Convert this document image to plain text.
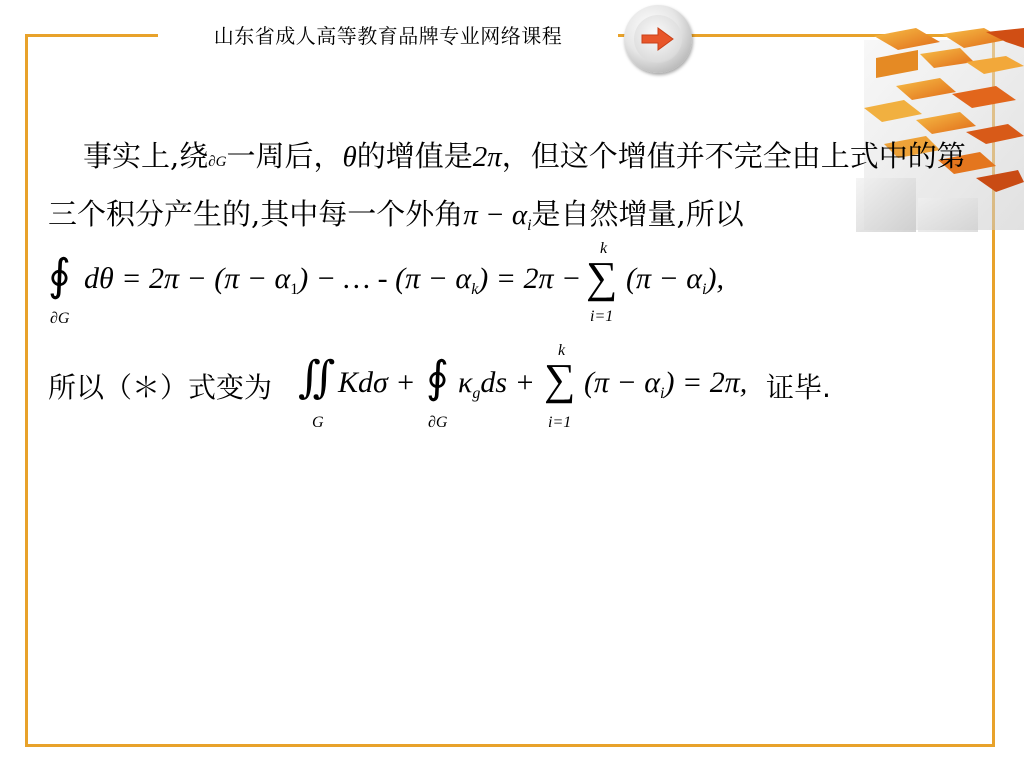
山东省成人高等教育品牌专业网络课程
事实上,绕∂G一周后，θ的增值是2π，但这个增值并不完全由上式中的第三个积分产生的,其中每一个外角$\pi - \alpha_i$是自然增量,所以
∮
∂G
$d\theta = 2\pi - (\pi - \alpha_1)$ − … - $(\pi - \alpha_k) = 2\pi$ −
k
∑
i=1
$(\pi - \alpha_i)$,
所以（＊）式变为 ∬
G
Kdσ + ∮
∂G
$\kappa_gds$ +
k
∑
i=1
$(\pi - \alpha_i) = 2\pi$, 证毕.
